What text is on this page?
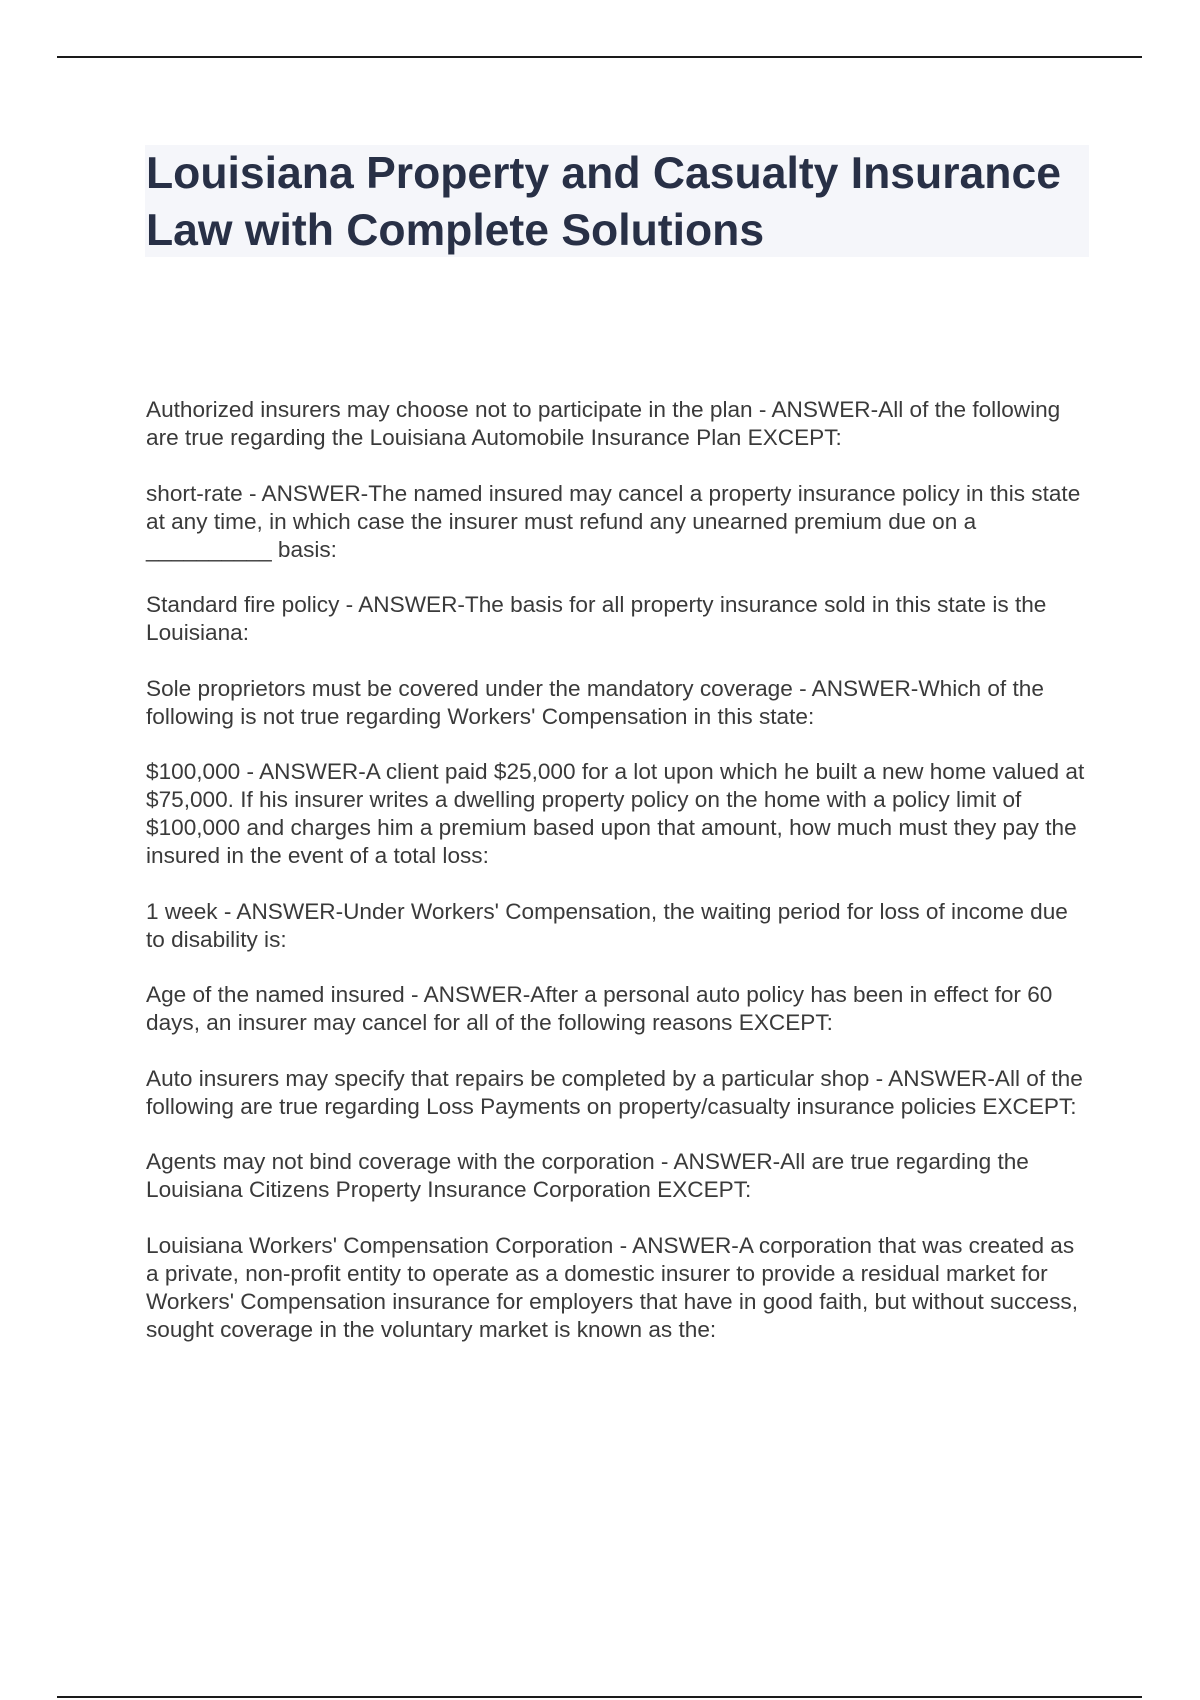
Louisiana Property and Casualty Insurance Law with Complete Solutions

Authorized insurers may choose not to participate in the plan - ANSWER-All of the following are true regarding the Louisiana Automobile Insurance Plan EXCEPT:

short-rate - ANSWER-The named insured may cancel a property insurance policy in this state at any time, in which case the insurer must refund any unearned premium due on a __________ basis:

Standard fire policy - ANSWER-The basis for all property insurance sold in this state is the Louisiana:

Sole proprietors must be covered under the mandatory coverage - ANSWER-Which of the following is not true regarding Workers' Compensation in this state:

$100,000 - ANSWER-A client paid $25,000 for a lot upon which he built a new home valued at $75,000. If his insurer writes a dwelling property policy on the home with a policy limit of $100,000 and charges him a premium based upon that amount, how much must they pay the insured in the event of a total loss:

1 week - ANSWER-Under Workers' Compensation, the waiting period for loss of income due to disability is:

Age of the named insured - ANSWER-After a personal auto policy has been in effect for 60 days, an insurer may cancel for all of the following reasons EXCEPT:

Auto insurers may specify that repairs be completed by a particular shop - ANSWER-All of the following are true regarding Loss Payments on property/casualty insurance policies EXCEPT:

Agents may not bind coverage with the corporation - ANSWER-All are true regarding the Louisiana Citizens Property Insurance Corporation EXCEPT:

Louisiana Workers' Compensation Corporation - ANSWER-A corporation that was created as a private, non-profit entity to operate as a domestic insurer to provide a residual market for Workers' Compensation insurance for employers that have in good faith, but without success, sought coverage in the voluntary market is known as the:
